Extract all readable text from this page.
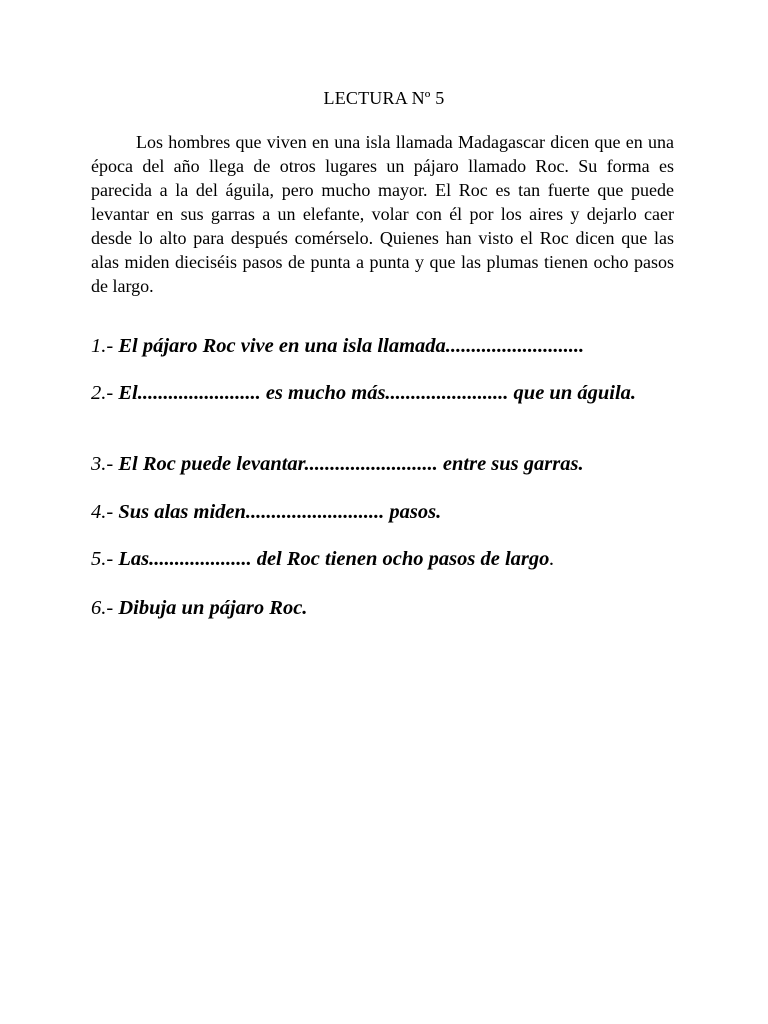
LECTURA Nº 5

Los hombres que viven en una isla llamada Madagascar dicen que en una época del año llega de otros lugares un pájaro llamado Roc. Su forma es parecida a la del águila, pero mucho mayor. El Roc es tan fuerte que puede levantar en sus garras a un elefante, volar con él por los aires y dejarlo caer desde lo alto para después comérselo. Quienes han visto el Roc dicen que las alas miden dieciséis pasos de punta a punta y que las plumas tienen ocho pasos de largo.

1.- El pájaro Roc vive en una isla llamada...........................

2.- El........................ es mucho más........................ que un águila.

3.- El Roc puede levantar.......................... entre sus garras.

4.- Sus alas miden........................... pasos.

5.- Las.................... del Roc tienen ocho pasos de largo.

6.- Dibuja un pájaro Roc.
